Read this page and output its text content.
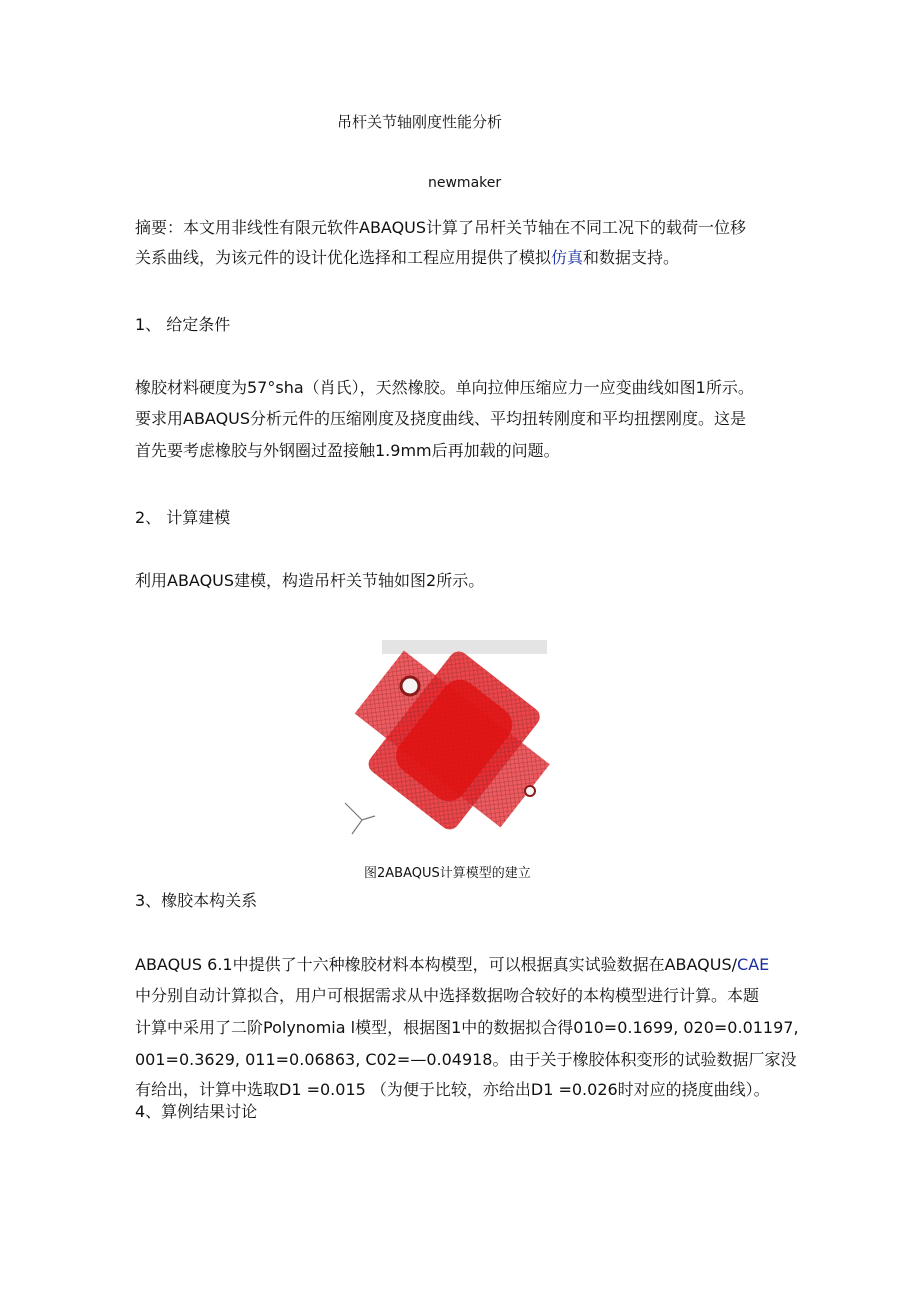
吊杆关节轴刚度性能分析
newmaker
摘要：本文用非线性有限元软件ABAQUS计算了吊杆关节轴在不同工况下的载荷一位移
关系曲线，为该元件的设计优化选择和工程应用提供了模拟仿真和数据支持。
1、 给定条件
橡胶材料硬度为57°sha（肖氏），天然橡胶。单向拉伸压缩应力一应变曲线如图1所示。
要求用ABAQUS分析元件的压缩刚度及挠度曲线、平均扭转刚度和平均扭摆刚度。这是
首先要考虑橡胶与外钢圈过盈接触1.9mm后再加载的问题。
2、 计算建模
利用ABAQUS建模，构造吊杆关节轴如图2所示。
图2ABAQUS计算模型的建立
3、橡胶本构关系
ABAQUS 6.1中提供了十六种橡胶材料本构模型，可以根据真实试验数据在ABAQUS/CAE
中分别自动计算拟合，用户可根据需求从中选择数据吻合较好的本构模型进行计算。本题
计算中采用了二阶Polynomia l模型，根据图1中的数据拟合得010=0.1699, 020=0.01197,
001=0.3629, 011=0.06863, C02=—0.04918。由于关于橡胶体积变形的试验数据厂家没
有给出，计算中选取D1 =0.015 （为便于比较，亦给出D1 =0.026时对应的挠度曲线）。
4、算例结果讨论
